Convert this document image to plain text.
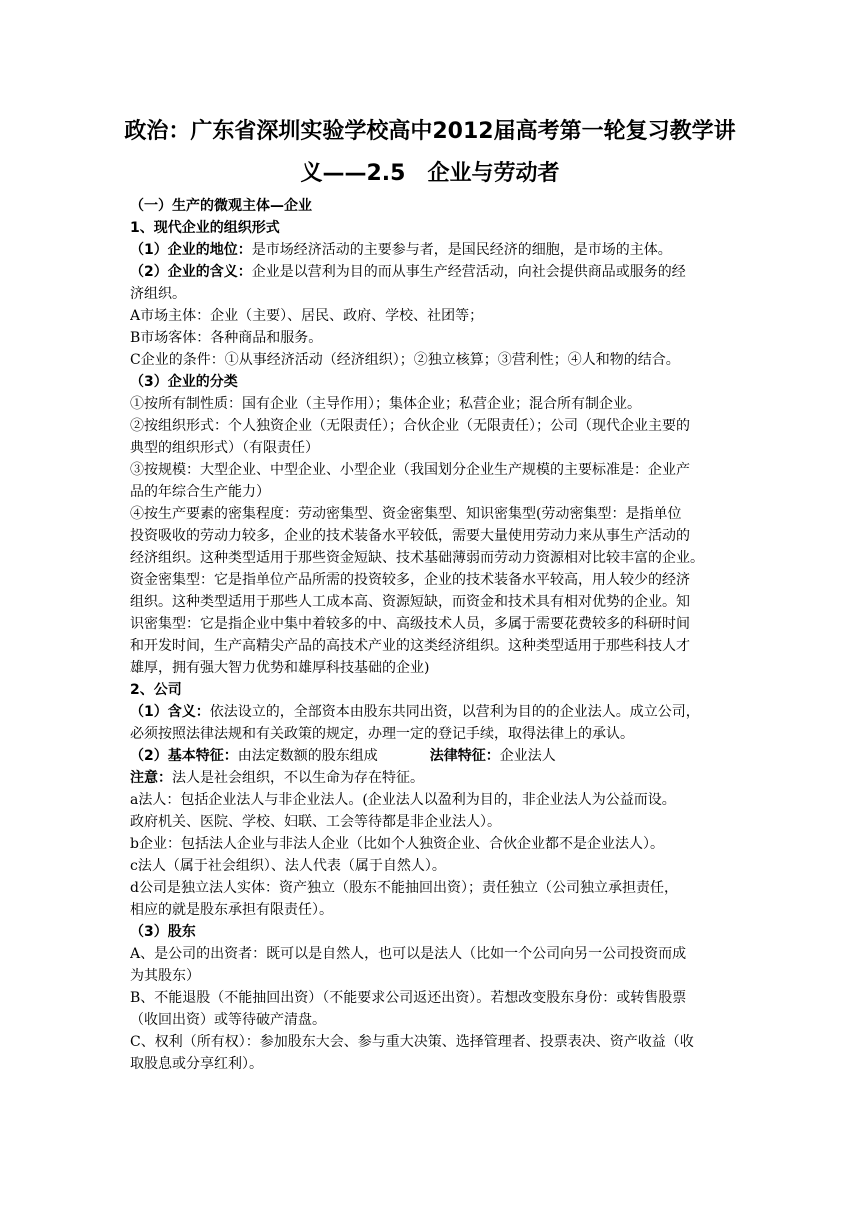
政治：广东省深圳实验学校高中2012届高考第一轮复习教学讲
义——2.5　企业与劳动者
（一）生产的微观主体—企业
1、现代企业的组织形式
（1）企业的地位：是市场经济活动的主要参与者，是国民经济的细胞，是市场的主体。
（2）企业的含义：企业是以营利为目的而从事生产经营活动，向社会提供商品或服务的经
济组织。
A市场主体：企业（主要）、居民、政府、学校、社团等；
B市场客体：各种商品和服务。
C企业的条件：①从事经济活动（经济组织）；②独立核算；③营利性；④人和物的结合。
（3）企业的分类
①按所有制性质：国有企业（主导作用）；集体企业；私营企业；混合所有制企业。
②按组织形式：个人独资企业（无限责任）；合伙企业（无限责任）；公司（现代企业主要的
典型的组织形式）（有限责任）
③按规模：大型企业、中型企业、小型企业（我国划分企业生产规模的主要标准是：企业产
品的年综合生产能力）
④按生产要素的密集程度：劳动密集型、资金密集型、知识密集型(劳动密集型：是指单位
投资吸收的劳动力较多，企业的技术装备水平较低，需要大量使用劳动力来从事生产活动的
经济组织。这种类型适用于那些资金短缺、技术基础薄弱而劳动力资源相对比较丰富的企业。
资金密集型：它是指单位产品所需的投资较多，企业的技术装备水平较高，用人较少的经济
组织。这种类型适用于那些人工成本高、资源短缺，而资金和技术具有相对优势的企业。知
识密集型：它是指企业中集中着较多的中、高级技术人员，多属于需要花费较多的科研时间
和开发时间，生产高精尖产品的高技术产业的这类经济组织。这种类型适用于那些科技人才
雄厚，拥有强大智力优势和雄厚科技基础的企业)
2、公司
（1）含义：依法设立的，全部资本由股东共同出资，以营利为目的的企业法人。成立公司，
必须按照法律法规和有关政策的规定，办理一定的登记手续，取得法律上的承认。
（2）基本特征：由法定数额的股东组成	法律特征：企业法人
注意：法人是社会组织，不以生命为存在特征。
a法人：包括企业法人与非企业法人。(企业法人以盈利为目的，非企业法人为公益而设。
政府机关、医院、学校、妇联、工会等待都是非企业法人）。
b企业：包括法人企业与非法人企业（比如个人独资企业、合伙企业都不是企业法人）。
c法人（属于社会组织）、法人代表（属于自然人）。
d公司是独立法人实体：资产独立（股东不能抽回出资）；责任独立（公司独立承担责任，
相应的就是股东承担有限责任）。
（3）股东
A、是公司的出资者：既可以是自然人，也可以是法人（比如一个公司向另一公司投资而成
为其股东）
B、不能退股（不能抽回出资）（不能要求公司返还出资）。若想改变股东身份：或转售股票
（收回出资）或等待破产清盘。
C、权利（所有权）：参加股东大会、参与重大决策、选择管理者、投票表决、资产收益（收
取股息或分享红利）。
